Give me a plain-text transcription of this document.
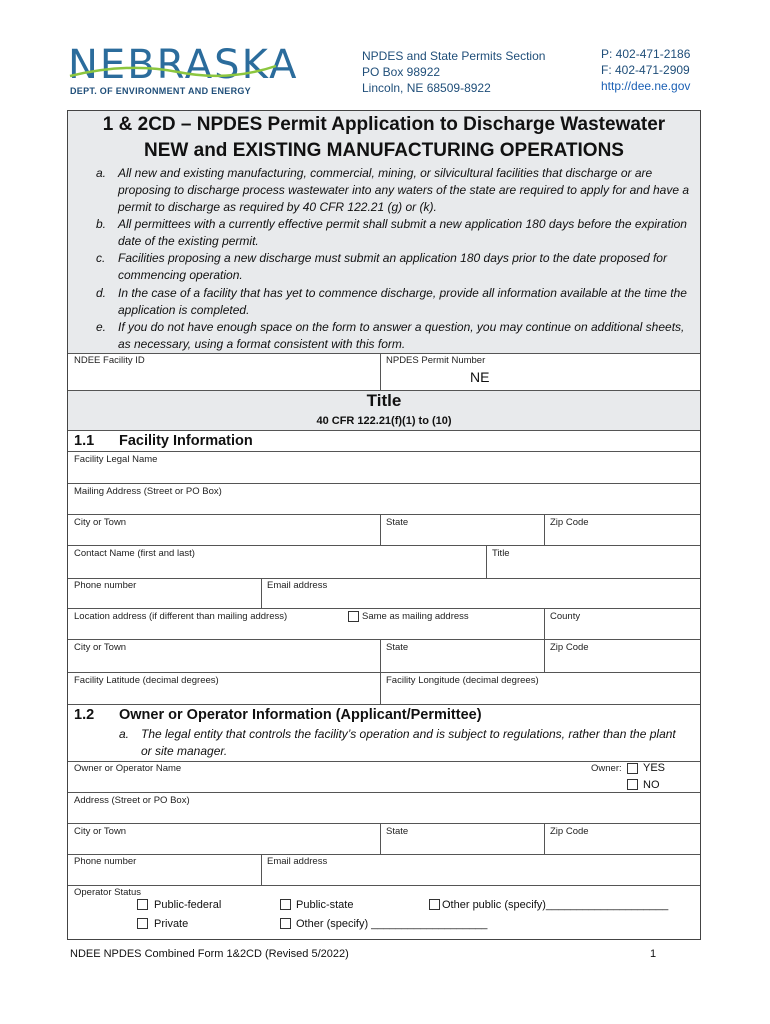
NEBRASKA
DEPT. OF ENVIRONMENT AND ENERGY
NPDES and State Permits Section
PO Box 98922
Lincoln, NE 68509-8922
P: 402-471-2186
F: 402-471-2909
http://dee.ne.gov
1 & 2CD – NPDES Permit Application to Discharge Wastewater
NEW and EXISTING MANUFACTURING OPERATIONS
a. All new and existing manufacturing, commercial, mining, or silvicultural facilities that discharge or are proposing to discharge process wastewater into any waters of the state are required to apply for and have a permit to discharge as required by 40 CFR 122.21 (g) or (k).
b. All permittees with a currently effective permit shall submit a new application 180 days before the expiration date of the existing permit.
c.	Facilities proposing a new discharge must submit an application 180 days prior to the date proposed for commencing operation.
d. In the case of a facility that has yet to commence discharge, provide all information available at the time the application is completed.
e. If you do not have enough space on the form to answer a question, you may continue on additional sheets, as necessary, using a format consistent with this form.
NDEE Facility ID	NPDES Permit Number
NE
Title
40 CFR 122.21(f)(1) to (10)
1.1 Facility Information
Facility Legal Name
Mailing Address (Street or PO Box)
City or Town	State	Zip Code
Contact Name (first and last)	Title
Phone number	Email address
Location address (if different than mailing address)	Same as mailing address	County
City or Town	State	Zip Code
Facility Latitude (decimal degrees)	Facility Longitude (decimal degrees)
1.2 Owner or Operator Information (Applicant/Permittee)
a. The legal entity that controls the facility’s operation and is subject to regulations, rather than the plant or site manager.
Owner or Operator Name	Owner: YES
NO
Address (Street or PO Box)
City or Town	State	Zip Code
Phone number	Email address
Operator Status
Public-federal	Public-state	Other public (specify)____________________
Private	Other (specify) ___________________
NDEE NPDES Combined Form 1&2CD (Revised 5/2022)	1
